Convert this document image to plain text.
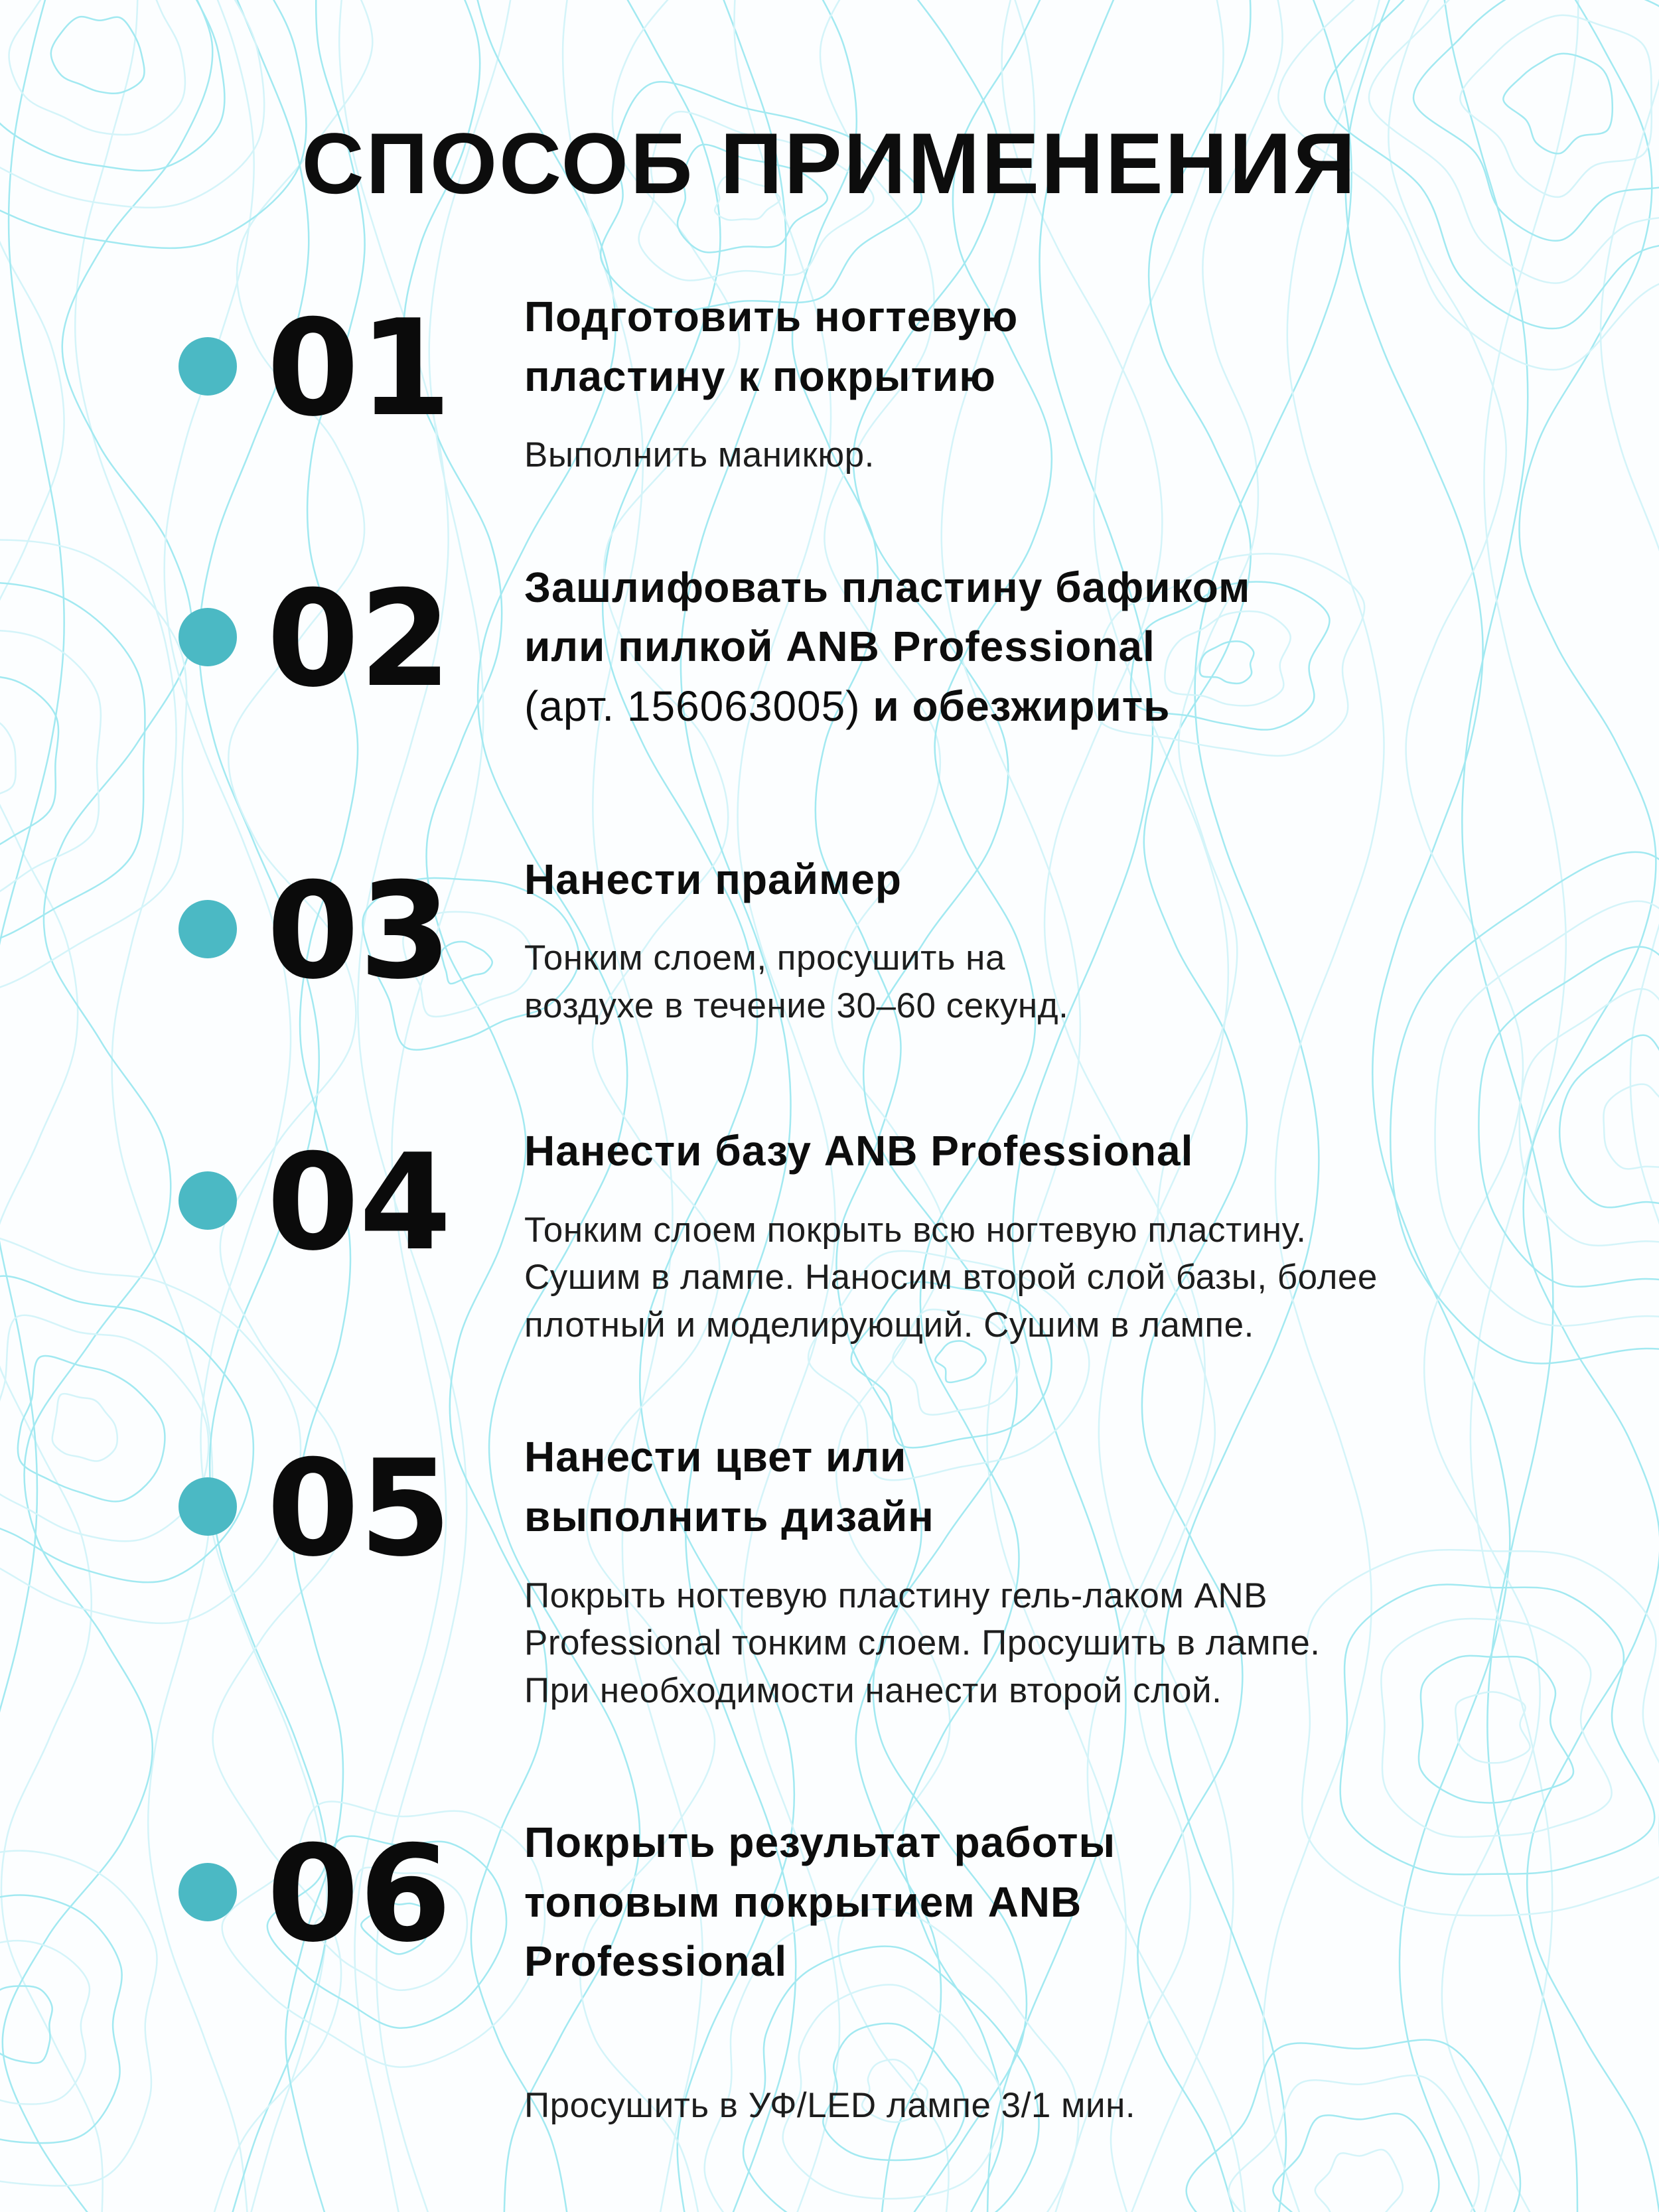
СПОСОБ ПРИМЕНЕНИЯ
01 Подготовить ногтевую
пластину к покрытию

Выполнить маникюр.

02 Зашлифовать пластину бафиком
или пилкой ANB Professional
(арт. 156063005) и обезжирить
03 Нанести праймер

Тонким слоем, просушить на
воздухе в течение 30–60 секунд.

04 Нанести базу ANB Professional

Тонким слоем покрыть всю ногтевую пластину.
Сушим в лампе. Наносим второй слой базы, более
плотный и моделирующий. Сушим в лампе.

05 Нанести цвет или
выполнить дизайн

Покрыть ногтевую пластину гель-лаком ANB
Professional тонким слоем. Просушить в лампе.
При необходимости нанести второй слой.

06 Покрыть результат работы
топовым покрытием ANB
Professional

Просушить в УФ/LED лампе 3/1 мин.
